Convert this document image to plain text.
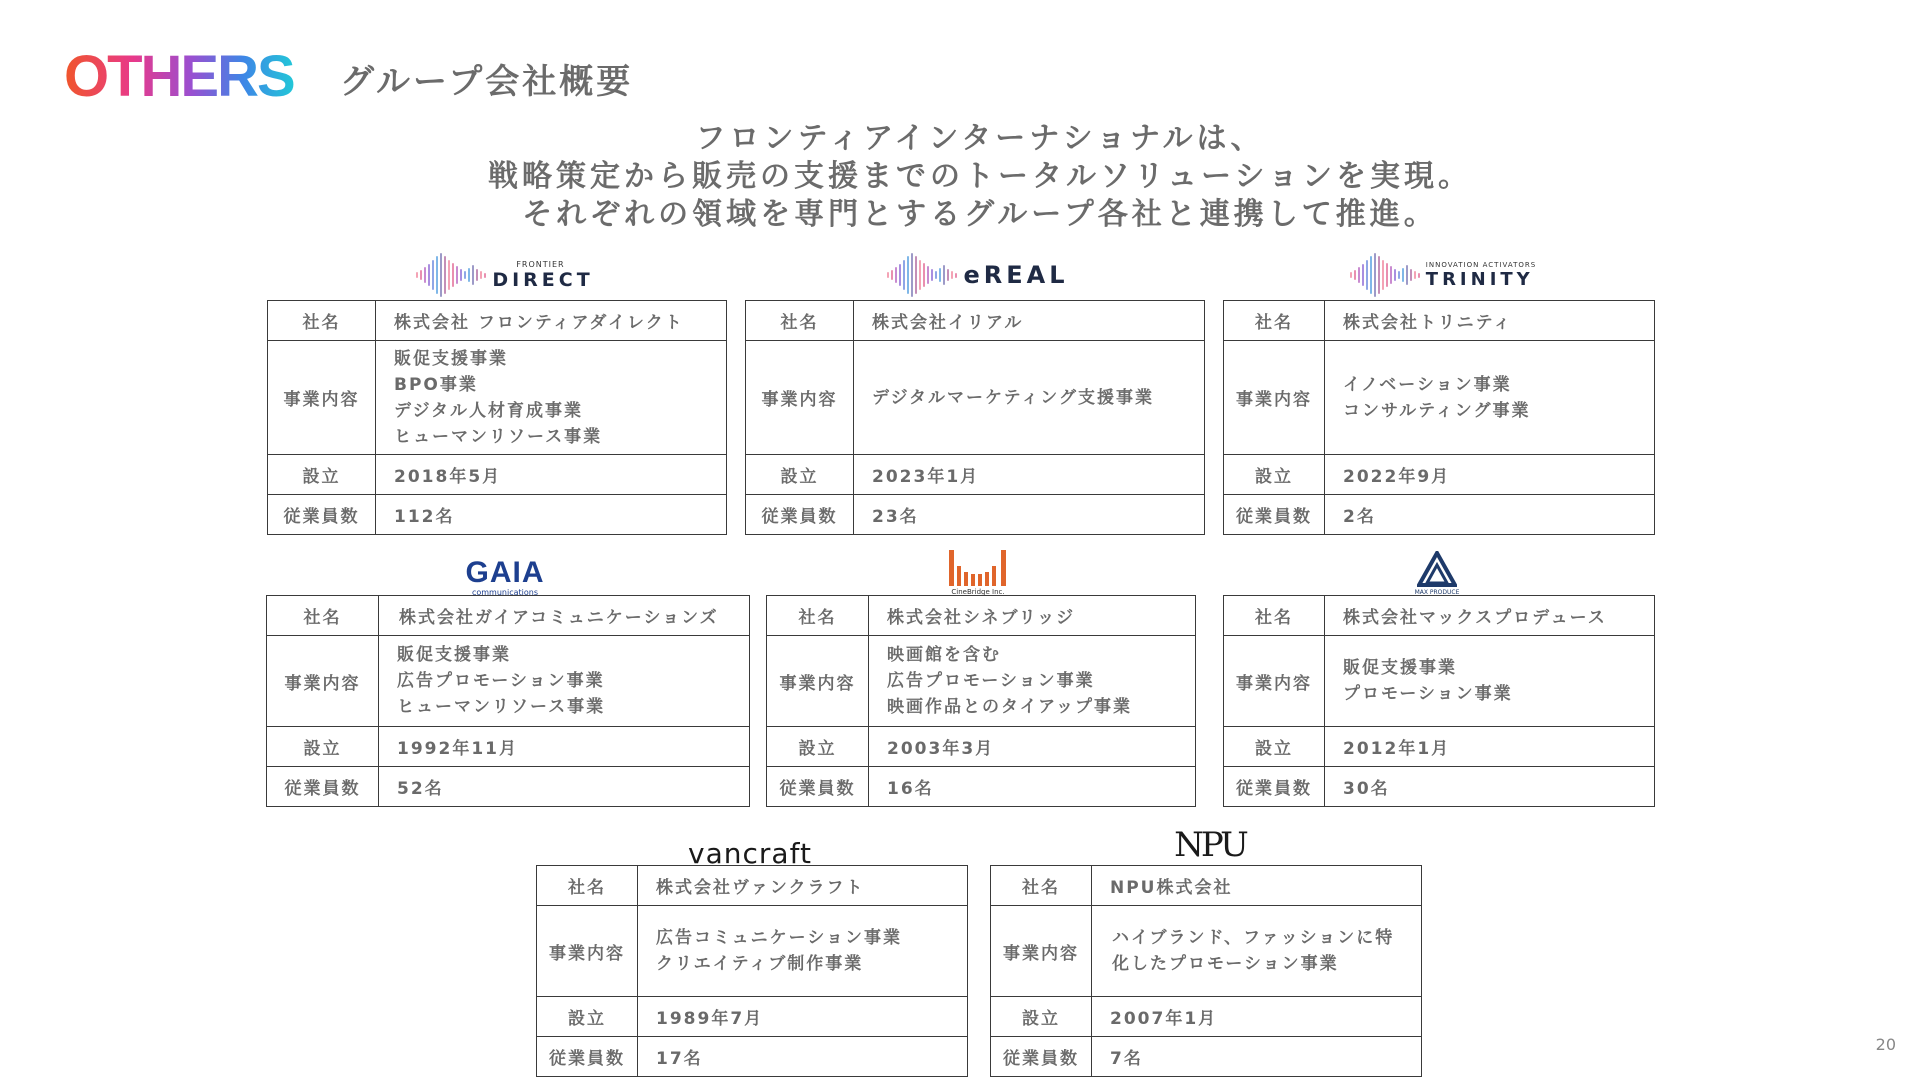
OTHERS グループ会社概要
フロンティアインターナショナルは、
戦略策定から販売の支援までのトータルソリューションを実現。
それぞれの領域を専門とするグループ各社と連携して推進。
FRONTIER
DIRECT	eREAL	INNOVATION ACTIVATORS
TRINITY
GAIA
communications	CineBridge Inc.	MAX PRODUCE
vancraft	NPU
社名	株式会社 フロンティアダイレクト
事業内容	販促支援事業
BPO事業
デジタル人材育成事業
ヒューマンリソース事業

設立	2018年5月
従業員数	112名
社名	株式会社イリアル
事業内容	デジタルマーケティング支援事業

設立	2023年1月
従業員数	23名
社名	株式会社トリニティ
事業内容	イノベーション事業
コンサルティング事業

設立	2022年9月
従業員数	2名
社名	株式会社ガイアコミュニケーションズ
事業内容	販促支援事業
広告プロモーション事業
ヒューマンリソース事業

設立	1992年11月
従業員数	52名
社名	株式会社シネブリッジ
事業内容	映画館を含む
広告プロモーション事業
映画作品とのタイアップ事業

設立	2003年3月
従業員数	16名
社名	株式会社マックスプロデュース
事業内容	販促支援事業
プロモーション事業

設立	2012年1月
従業員数	30名
社名	株式会社ヴァンクラフト
事業内容	広告コミュニケーション事業
クリエイティブ制作事業

設立	1989年7月
従業員数	17名
社名	NPU株式会社
事業内容	ハイブランド、ファッションに特
化したプロモーション事業

設立	2007年1月
従業員数	7名
20
